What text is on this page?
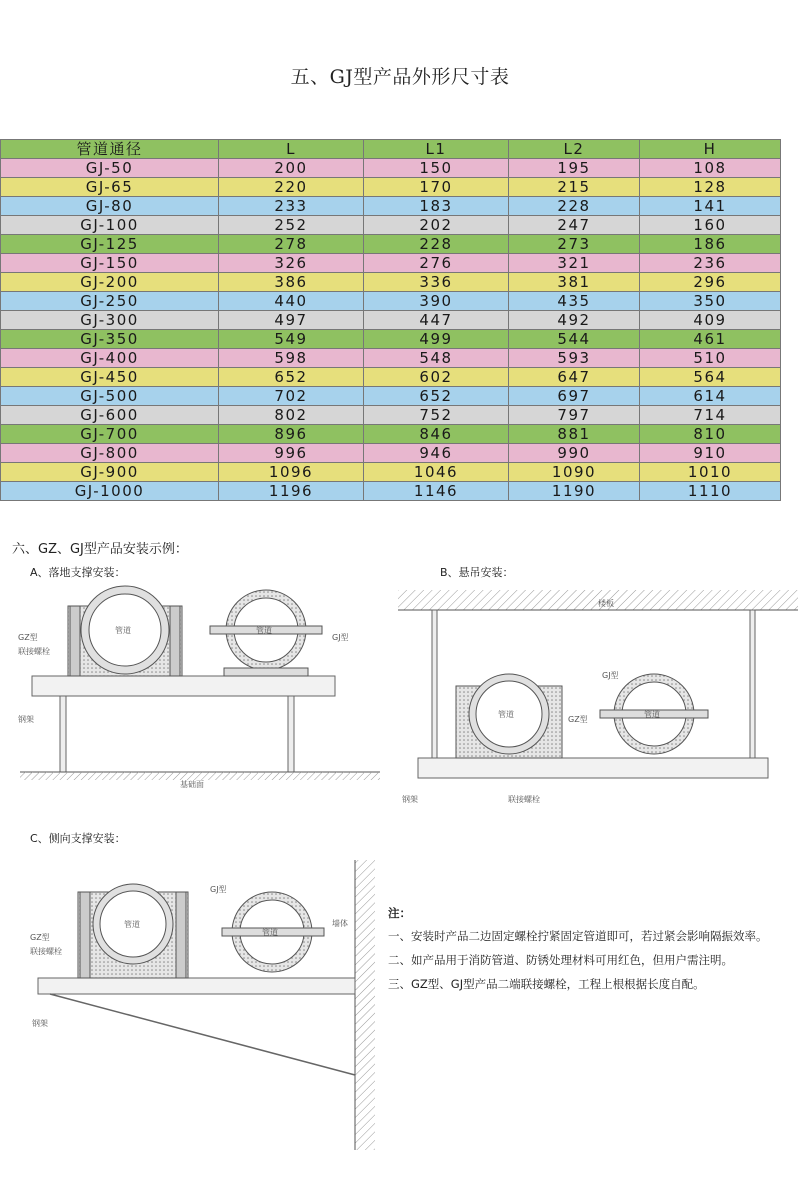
五、GJ型产品外形尺寸表
管道通径	L	L1	L2	H
GJ-50	200	150	195	108
GJ-65	220	170	215	128
GJ-80	233	183	228	141
GJ-100	252	202	247	160
GJ-125	278	228	273	186
GJ-150	326	276	321	236
GJ-200	386	336	381	296
GJ-250	440	390	435	350
GJ-300	497	447	492	409
GJ-350	549	499	544	461
GJ-400	598	548	593	510
GJ-450	652	602	647	564
GJ-500	702	652	697	614
GJ-600	802	752	797	714
GJ-700	896	846	881	810
GJ-800	996	946	990	910
GJ-900	1096	1046	1090	1010
GJ-1000	1196	1146	1190	1110
六、GZ、GJ型产品安装示例：
A、落地支撑安装：	B、悬吊安装：
C、侧向支撑安装：
管道	管道
GZ型
联接螺栓
GJ型
钢架
基础面
楼板
GJ型
GZ型
管道	管道
钢架	联接螺栓
GJ型
GZ型
联接螺栓
管道
管道
墙体
钢架
注：
一、安装时产品二边固定螺栓拧紧固定管道即可，若过紧会影响隔振效率。
二、如产品用于消防管道、防锈处理材料可用红色，但用户需注明。
三、GZ型、GJ型产品二端联接螺栓，工程上根根据长度自配。
